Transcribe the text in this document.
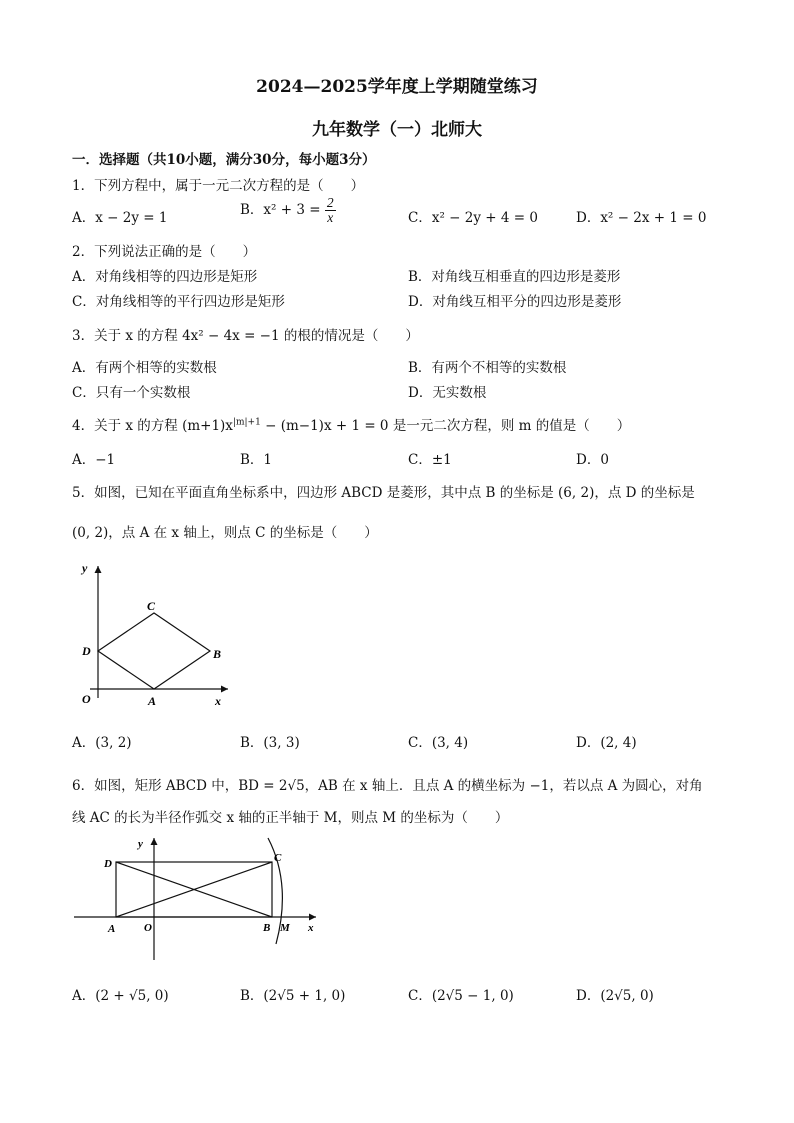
2024—2025学年度上学期随堂练习
九年数学（一）北师大
一．选择题（共10小题，满分30分，每小题3分）
1．下列方程中，属于一元二次方程的是（　　）
A．x − 2y = 1	B．$x^2 + 3 = \frac{2}{x}$	C．x² − 2y + 4 = 0	D．x² − 2x + 1 = 0
2．下列说法正确的是（　　）
A．对角线相等的四边形是矩形	B．对角线互相垂直的四边形是菱形
C．对角线相等的平行四边形是矩形	D．对角线互相平分的四边形是菱形
3．关于 x 的方程 4x² − 4x = −1 的根的情况是（　　）
A．有两个相等的实数根	B．有两个不相等的实数根
C．只有一个实数根	D．无实数根
4．关于 x 的方程 $(m+1)x^{|m|+1} - (m-1)x + 1 = 0$ 是一元二次方程，则 m 的值是（　　）
A．−1	B．1	C．±1	D．0
5．如图，已知在平面直角坐标系中，四边形 ABCD 是菱形，其中点 B 的坐标是 (6, 2)，点 D 的坐标是
(0, 2)，点 A 在 x 轴上，则点 C 的坐标是（　　）
y
x
O	A
B
C
D
A．(3, 2)	B．(3, 3)	C．(3, 4)	D．(2, 4)
6．如图，矩形 ABCD 中，BD = 2√5，AB 在 x 轴上．且点 A 的横坐标为 −1，若以点 A 为圆心，对角
线 AC 的长为半径作弧交 x 轴的正半轴于 M，则点 M 的坐标为（　　）
y
x
O
A	B
C
D
M
A．(2 + √5, 0)	B．(2√5 + 1, 0)	C．(2√5 − 1, 0)	D．(2√5, 0)
